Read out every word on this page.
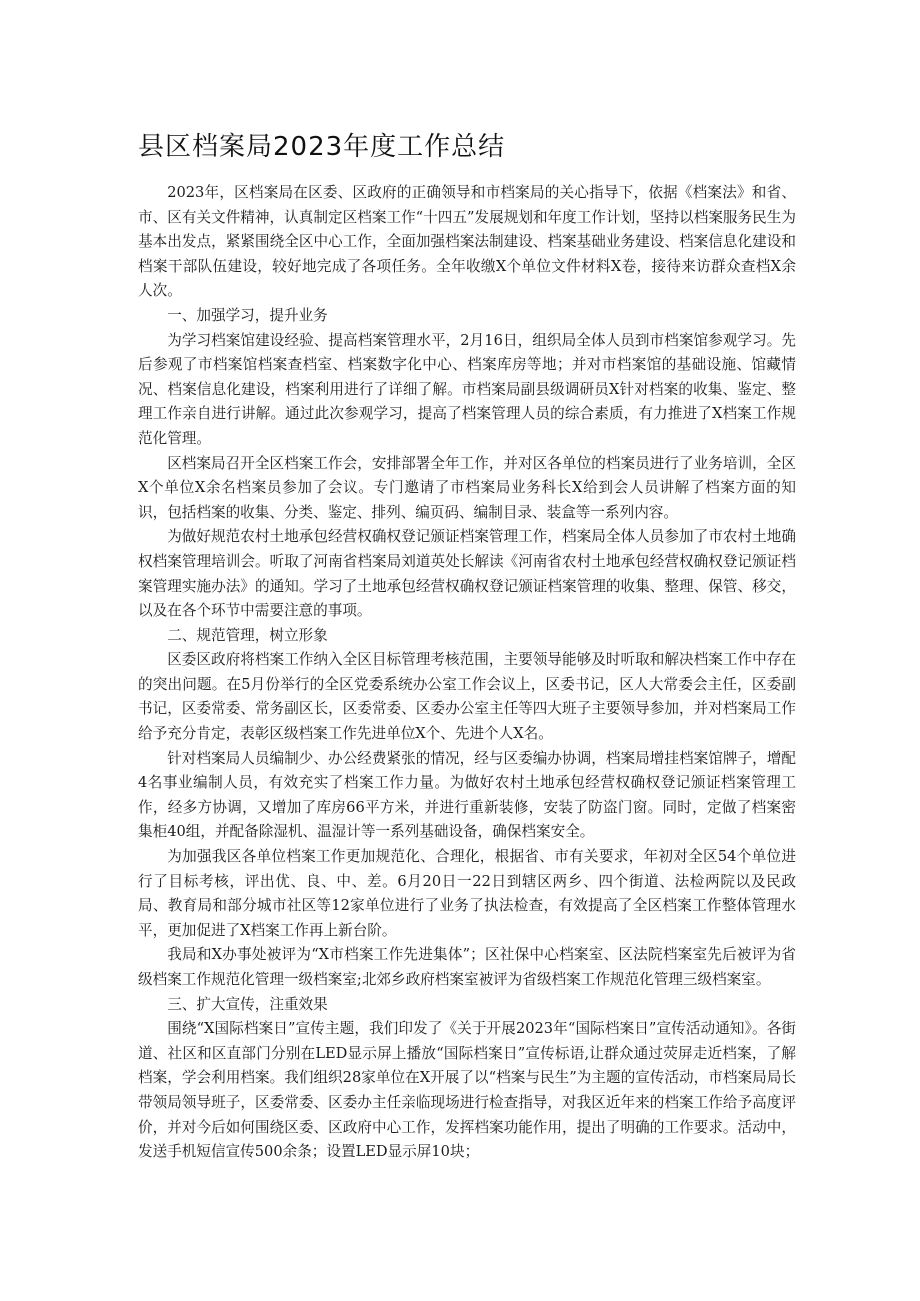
县区档案局2023年度工作总结

2023年，区档案局在区委、区政府的正确领导和市档案局的关心指导下，依据《档案法》和省、市、区有关文件精神，认真制定区档案工作“十四五”发展规划和年度工作计划，坚持以档案服务民生为基本出发点，紧紧围绕全区中心工作，全面加强档案法制建设、档案基础业务建设、档案信息化建设和档案干部队伍建设，较好地完成了各项任务。全年收缴X个单位文件材料X卷，接待来访群众查档X余人次。

一、加强学习，提升业务

为学习档案馆建设经验、提高档案管理水平，2月16日，组织局全体人员到市档案馆参观学习。先后参观了市档案馆档案查档室、档案数字化中心、档案库房等地；并对市档案馆的基础设施、馆藏情况、档案信息化建设，档案利用进行了详细了解。市档案局副县级调研员X针对档案的收集、鉴定、整理工作亲自进行讲解。通过此次参观学习，提高了档案管理人员的综合素质，有力推进了X档案工作规范化管理。

区档案局召开全区档案工作会，安排部署全年工作，并对区各单位的档案员进行了业务培训，全区X个单位X余名档案员参加了会议。专门邀请了市档案局业务科长X给到会人员讲解了档案方面的知识，包括档案的收集、分类、鉴定、排列、编页码、编制目录、装盒等一系列内容。

为做好规范农村土地承包经营权确权登记颁证档案管理工作，档案局全体人员参加了市农村土地确权档案管理培训会。听取了河南省档案局刘道英处长解读《河南省农村土地承包经营权确权登记颁证档案管理实施办法》的通知。学习了土地承包经营权确权登记颁证档案管理的收集、整理、保管、移交，以及在各个环节中需要注意的事项。

二、规范管理，树立形象

区委区政府将档案工作纳入全区目标管理考核范围，主要领导能够及时听取和解决档案工作中存在的突出问题。在5月份举行的全区党委系统办公室工作会议上，区委书记，区人大常委会主任，区委副书记，区委常委、常务副区长，区委常委、区委办公室主任等四大班子主要领导参加，并对档案局工作给予充分肯定，表彰区级档案工作先进单位X个、先进个人X名。

针对档案局人员编制少、办公经费紧张的情况，经与区委编办协调，档案局增挂档案馆牌子，增配4名事业编制人员，有效充实了档案工作力量。为做好农村土地承包经营权确权登记颁证档案管理工作，经多方协调，又增加了库房66平方米，并进行重新装修，安装了防盗门窗。同时，定做了档案密集柜40组，并配备除湿机、温湿计等一系列基础设备，确保档案安全。

为加强我区各单位档案工作更加规范化、合理化，根据省、市有关要求，年初对全区54个单位进行了目标考核，评出优、良、中、差。6月20日一22日到辖区两乡、四个街道、法检两院以及民政局、教育局和部分城市社区等12家单位进行了业务了执法检查，有效提高了全区档案工作整体管理水平，更加促进了X档案工作再上新台阶。

我局和X办事处被评为“X市档案工作先进集体”；区社保中心档案室、区法院档案室先后被评为省级档案工作规范化管理一级档案室;北郊乡政府档案室被评为省级档案工作规范化管理三级档案室。

三、扩大宣传，注重效果

围绕“X国际档案日”宣传主题，我们印发了《关于开展2023年“国际档案日”宣传活动通知》。各街道、社区和区直部门分别在LED显示屏上播放“国际档案日”宣传标语,让群众通过荧屏走近档案，了解档案，学会利用档案。我们组织28家单位在X开展了以“档案与民生”为主题的宣传活动，市档案局局长带领局领导班子，区委常委、区委办主任亲临现场进行检查指导，对我区近年来的档案工作给予高度评价，并对今后如何围绕区委、区政府中心工作，发挥档案功能作用，提出了明确的工作要求。活动中，发送手机短信宣传500余条；设置LED显示屏10块；
